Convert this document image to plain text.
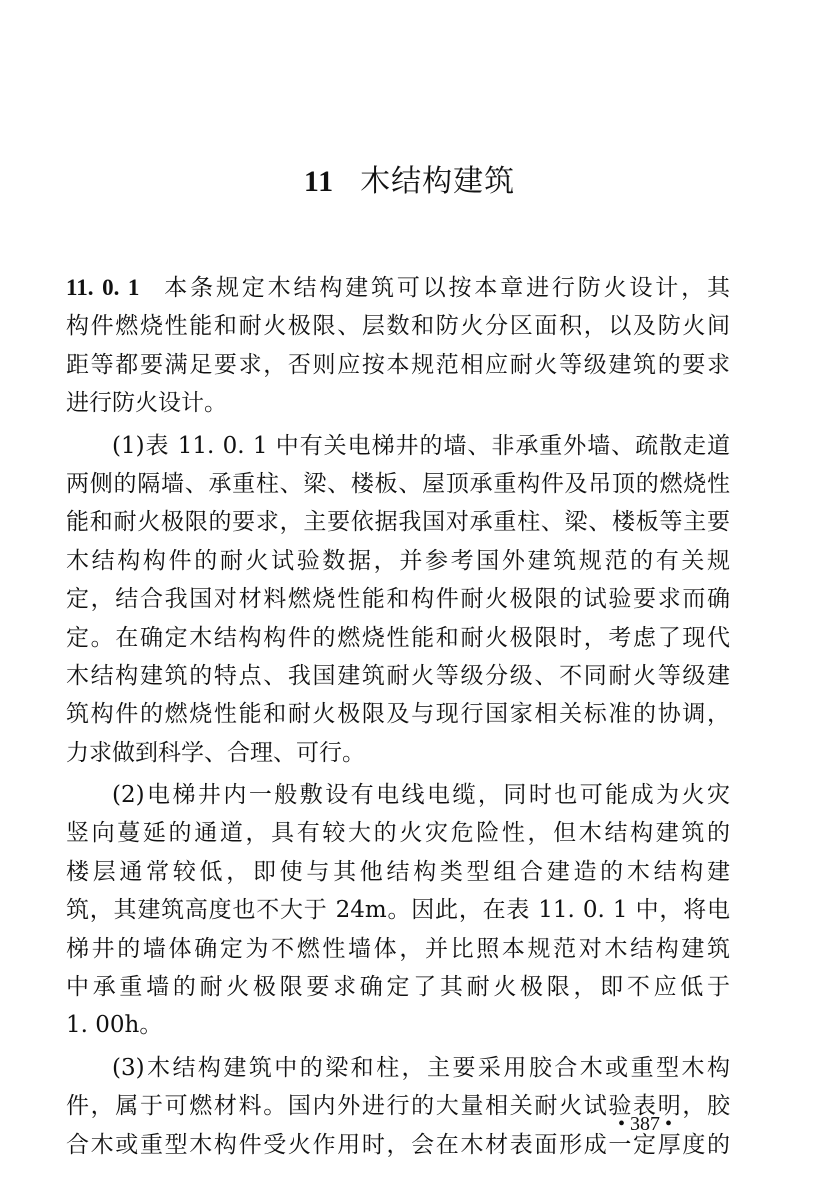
11 木结构建筑
11. 0. 1 本条规定木结构建筑可以按本章进行防火设计，其
构件燃烧性能和耐火极限、层数和防火分区面积，以及防火间
距等都要满足要求，否则应按本规范相应耐火等级建筑的要求
进行防火设计。
(1)表 11. 0. 1 中有关电梯井的墙、非承重外墙、疏散走道
两侧的隔墙、承重柱、梁、楼板、屋顶承重构件及吊顶的燃烧性
能和耐火极限的要求，主要依据我国对承重柱、梁、楼板等主要
木结构构件的耐火试验数据，并参考国外建筑规范的有关规
定，结合我国对材料燃烧性能和构件耐火极限的试验要求而确
定。在确定木结构构件的燃烧性能和耐火极限时，考虑了现代
木结构建筑的特点、我国建筑耐火等级分级、不同耐火等级建
筑构件的燃烧性能和耐火极限及与现行国家相关标准的协调，
力求做到科学、合理、可行。
(2)电梯井内一般敷设有电线电缆，同时也可能成为火灾
竖向蔓延的通道，具有较大的火灾危险性，但木结构建筑的
楼层通常较低，即使与其他结构类型组合建造的木结构建
筑，其建筑高度也不大于 24m。因此，在表 11. 0. 1 中，将电
梯井的墙体确定为不燃性墙体，并比照本规范对木结构建筑
中承重墙的耐火极限要求确定了其耐火极限，即不应低于
1. 00h。
(3)木结构建筑中的梁和柱，主要采用胶合木或重型木构
件，属于可燃材料。国内外进行的大量相关耐火试验表明，胶
合木或重型木构件受火作用时，会在木材表面形成一定厚度的
• 387 •
